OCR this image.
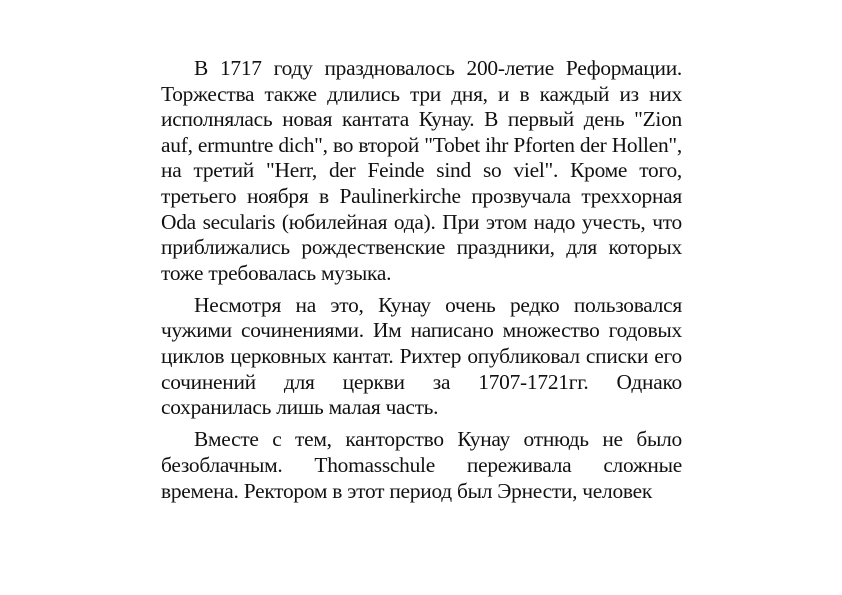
В 1717 году праздновалось 200-летие Реформации. Торжества также длились три дня, и в каждый из них исполнялась новая кантата Кунау. В первый день "Zion auf, ermuntre dich", во второй "Tobet ihr Pforten der Hollen", на третий "Herr, der Feinde sind so viel". Кроме того, третьего ноября в Paulinerkirche прозвучала трехxорная Oda secularis (юбилейная ода). При этом надо учесть, что приближались рождественские праздники, для которых тоже требовалась музыка.

Несмотря на это, Кунау очень редко пользовался чужими сочинениями. Им написано множество годовых циклов церковных кантат. Рихтер опубликовал списки его сочинений для церкви за 1707-1721гг. Однако сохранилась лишь малая часть.

Вместе с тем, канторство Кунау отнюдь не было безоблачным. Thomasschule переживала сложные времена. Ректором в этот период был Эрнести, человек
